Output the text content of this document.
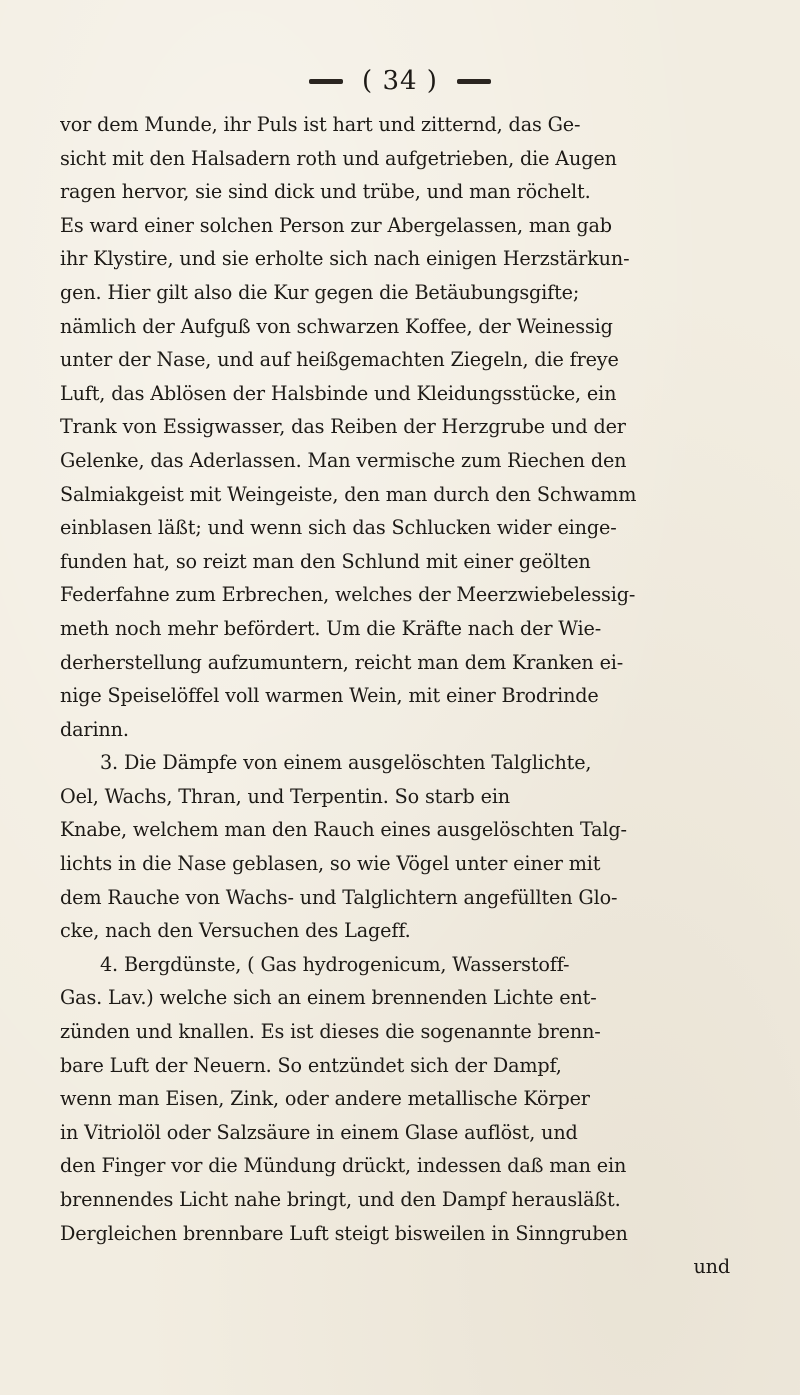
( 34 )
vor dem Munde, ihr Puls ist hart und zitternd, das Ge-
sicht mit den Halsadern roth und aufgetrieben, die Augen
ragen hervor, sie sind dick und trübe, und man röchelt.
Es ward einer solchen Person zur Abergelassen, man gab
ihr Klystire, und sie erholte sich nach einigen Herzstärkun-
gen. Hier gilt also die Kur gegen die Betäubungsgifte;
nämlich der Aufguß von schwarzen Koffee, der Weinessig
unter der Nase, und auf heißgemachten Ziegeln, die freye
Luft, das Ablösen der Halsbinde und Kleidungsstücke, ein
Trank von Essigwasser, das Reiben der Herzgrube und der
Gelenke, das Aderlassen. Man vermische zum Riechen den
Salmiakgeist mit Weingeiste, den man durch den Schwamm
einblasen läßt; und wenn sich das Schlucken wider einge-
funden hat, so reizt man den Schlund mit einer geölten
Federfahne zum Erbrechen, welches der Meerzwiebelessig-
meth noch mehr befördert. Um die Kräfte nach der Wie-
derherstellung aufzumuntern, reicht man dem Kranken ei-
nige Speiselöffel voll warmen Wein, mit einer Brodrinde
darinn.
3. Die Dämpfe von einem ausgelöschten Talglichte,
Oel, Wachs, Thran, und Terpentin. So starb ein
Knabe, welchem man den Rauch eines ausgelöschten Talg-
lichts in die Nase geblasen, so wie Vögel unter einer mit
dem Rauche von Wachs- und Talglichtern angefüllten Glo-
cke, nach den Versuchen des Lageff.
4. Bergdünste, ( Gas hydrogenicum, Wasserstoff-
Gas. Lav.) welche sich an einem brennenden Lichte ent-
zünden und knallen. Es ist dieses die sogenannte brenn-
bare Luft der Neuern. So entzündet sich der Dampf,
wenn man Eisen, Zink, oder andere metallische Körper
in Vitriolöl oder Salzsäure in einem Glase auflöst, und
den Finger vor die Mündung drückt, indessen daß man ein
brennendes Licht nahe bringt, und den Dampf herausläßt.
Dergleichen brennbare Luft steigt bisweilen in Sinngruben
und
